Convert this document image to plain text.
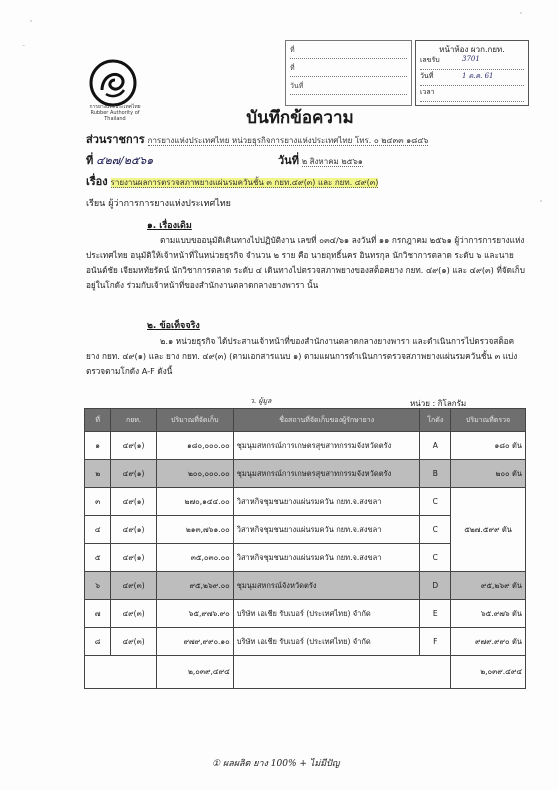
การยางแห่งประเทศไทย
Rubber Authority of Thailand
ที่
ที่
วันที่
หน้าห้อง ผวก.กยท.
เลขรับ	3701
วันที่	1 ต.ค. 61
เวลา
บันทึกข้อความ
ส่วนราชการ การยางแห่งประเทศไทย หน่วยธุรกิจการยางแห่งประเทศไทย โทร. ๐ ๒๔๓๓ ๑๘๔๖
ที่ ๔๒๗/๒๕๖๑	วันที่ ๒ สิงหาคม ๒๕๖๑
เรื่อง รายงานผลการตรวจสภาพยางแผ่นรมควันชั้น ๓ กยท.๔๙(๓) และ กยท. ๔๙(๓)
เรียน ผู้ว่าการการยางแห่งประเทศไทย
๑. เรื่องเดิม
ตามแบบขออนุมัติเดินทางไปปฏิบัติงาน เลขที่ ๐๓๔/๖๑ ลงวันที่ ๑๑ กรกฎาคม ๒๕๖๑ ผู้ว่าการการยางแห่งประเทศไทย อนุมัติให้เจ้าหน้าที่ในหน่วยธุรกิจ จำนวน ๒ ราย คือ นายฤทธิ์นคร อินทรกุล นักวิชาการตลาด ระดับ ๖ และนายอนันต์ชัย เจียมหทัยรัตน์ นักวิชาการตลาด ระดับ ๔ เดินทางไปตรวจสภาพยางของสต็อคยาง กยท. ๔๙(๑) และ ๔๙(๓) ที่จัดเก็บอยู่ในโกดัง ร่วมกับเจ้าหน้าที่ของสำนักงานตลาดกลางยางพารา นั้น
๒. ข้อเท็จจริง
๒.๑ หน่วยธุรกิจ ได้ประสานเจ้าหน้าที่ของสำนักงานตลาดกลางยางพารา และดำเนินการไปตรวจสต็อคยาง กยท. ๔๙(๑) และ ยาง กยท. ๔๙(๓) (ตามเอกสารแนบ ๑) ตามแผนการดำเนินการตรวจสภาพยางแผ่นรมควันชั้น ๓ แบ่งตรวจตามโกดัง A-F ดังนี้
ว. ผู้มูล	หน่วย : กิโลกรัม
ที่	กยท.	ปริมาณที่จัดเก็บ	ชื่อสถานที่จัดเก็บของผู้รักษายาง	โกดัง	ปริมาณที่ตรวจ
๑	๔๙(๑)	๑๘๐,๐๐๐.๐๐	ชุมนุมสหกรณ์การเกษตรสุขสาทกรรมจังหวัดตรัง	A	๑๘๐ ตัน
๒	๔๙(๑)	๒๐๐,๐๐๐.๐๐	ชุมนุมสหกรณ์การเกษตรสุขสาทกรรมจังหวัดตรัง	B	๒๐๐ ตัน
๓	๔๙(๑)	๒๗๐,๑๔๔.๐๐	วิสาหกิจชุมชนยางแผ่นรมควัน กยท.จ.สงขลา	C	๕๒๗.๕๙๙ ตัน
๔	๔๙(๑)	๒๑๓,๗๖๑.๐๐	วิสาหกิจชุมชนยางแผ่นรมควัน กยท.จ.สงขลา	C	
๕	๔๙(๑)	๓๕,๐๓๐.๐๐	วิสาหกิจชุมชนยางแผ่นรมควัน กยท.จ.สงขลา	C	
๖	๔๙(๓)	๙๕,๒๖๙.๐๐	ชุมนุมสหกรณ์จังหวัดตรัง	D	๙๕,๒๖๙ ตัน
๗	๔๙(๓)	๖๕,๙๗๖.๙๐	บริษัท เอเชีย รับเบอร์ (ประเทศไทย) จำกัด	E	๖๕.๙๗๖ ตัน
๘	๔๙(๓)	๙๗๙,๙๙๐.๑๐	บริษัท เอเชีย รับเบอร์ (ประเทศไทย) จำกัด	F	๙๗๙.๙๙๐ ตัน
		๒,๐๓๙,๔๙๔			๒,๐๓๙.๔๙๔
① ผลผลิต ยาง 100% + ไม่มีปัญ
